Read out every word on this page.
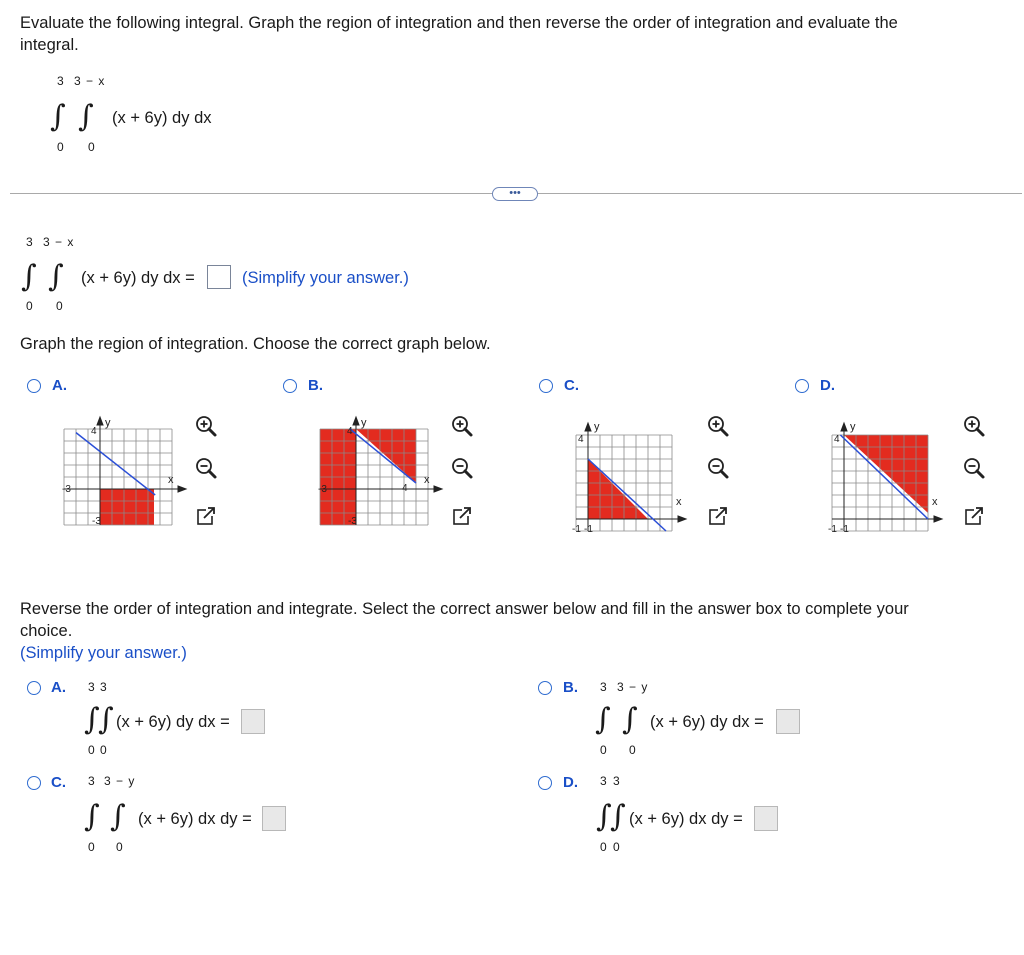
Evaluate the following integral. Graph the region of integration and then reverse the order of integration and evaluate the
integral.
3 3 − x
∫ ∫ (x + 6y) dy dx
0 0
•••
3 3 − x
∫ ∫ (x + 6y) dy dx =	(Simplify your answer.)
0 0
Graph the region of integration. Choose the correct graph below.
A.
4
y
x
-3
-3
B.
4
y
x
-3
-3
4
C.
4
y
x
-1 -1
D.
4
y
x
-1 -1
Reverse the order of integration and integrate. Select the correct answer below and fill in the answer box to complete your
choice.
(Simplify your answer.)
A. 3 3
∫
∫ (x + 6y) dy dx =
0 0
B. 3 3 − y
∫ ∫ (x + 6y) dy dx =
0 0
C. 3 3 − y
∫ ∫ (x + 6y) dx dy =
0 0
D. 3 3
∫
∫ (x + 6y) dx dy =
0 0
